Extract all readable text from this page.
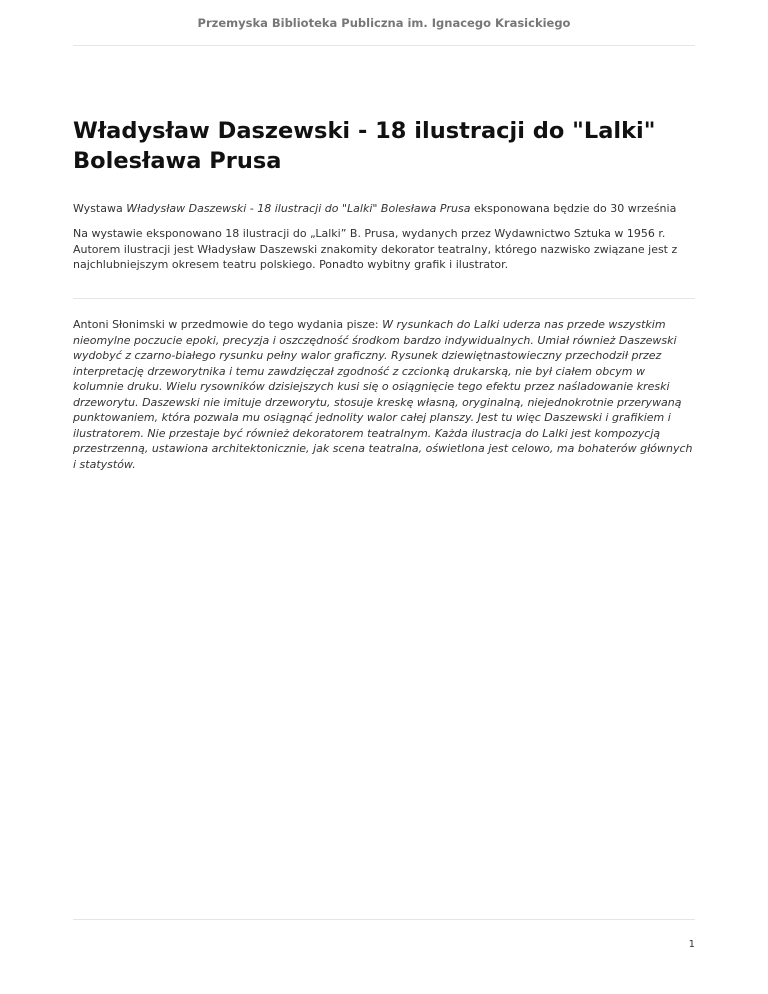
Przemyska Biblioteka Publiczna im. Ignacego Krasickiego
Władysław Daszewski - 18 ilustracji do "Lalki" Bolesława Prusa

Wystawa Władysław Daszewski - 18 ilustracji do "Lalki" Bolesława Prusa eksponowana będzie do 30 września

Na wystawie eksponowano 18 ilustracji do „Lalki” B. Prusa, wydanych przez Wydawnictwo Sztuka w 1956 r. Autorem ilustracji jest Władysław Daszewski znakomity dekorator teatralny, którego nazwisko związane jest z najchlubniejszym okresem teatru polskiego. Ponadto wybitny grafik i ilustrator.

Antoni Słonimski w przedmowie do tego wydania pisze: W rysunkach do Lalki uderza nas przede wszystkim nieomylne poczucie epoki, precyzja i oszczędność środkom bardzo indywidualnych. Umiał również Daszewski wydobyć z czarno-białego rysunku pełny walor graficzny. Rysunek dziewiętnastowieczny przechodził przez interpretację drzeworytnika i temu zawdzięczał zgodność z czcionką drukarską, nie był ciałem obcym w kolumnie druku. Wielu rysowników dzisiejszych kusi się o osiągnięcie tego efektu przez naśladowanie kreski drzeworytu. Daszewski nie imituje drzeworytu, stosuje kreskę własną, oryginalną, niejednokrotnie przerywaną punktowaniem, która pozwala mu osiągnąć jednolity walor całej planszy. Jest tu więc Daszewski i grafikiem i ilustratorem. Nie przestaje być również dekoratorem teatralnym. Każda ilustracja do Lalki jest kompozycją przestrzenną, ustawiona architektonicznie, jak scena teatralna, oświetlona jest celowo, ma bohaterów głównych i statystów.

1
